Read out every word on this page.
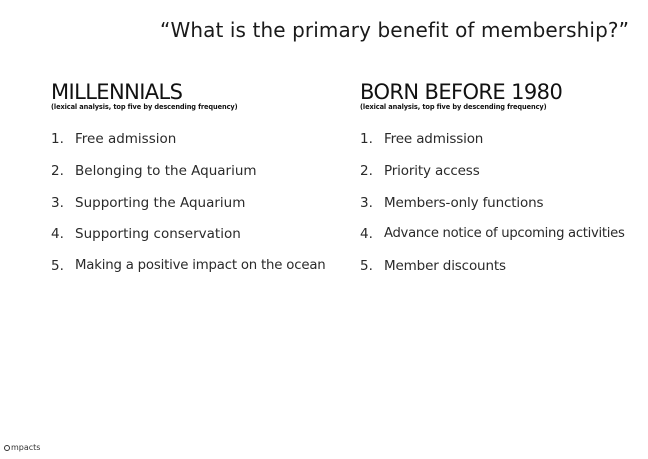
“What is the primary benefit of membership?”
MILLENNIALS
(lexical analysis, top five by descending frequency)
1. Free admission
2. Belonging to the Aquarium
3. Supporting the Aquarium
4. Supporting conservation
5. Making a positive impact on the ocean
BORN BEFORE 1980
(lexical analysis, top five by descending frequency)
1. Free admission
2. Priority access
3. Members-only functions
4. Advance notice of upcoming activities
5. Member discounts
mpacts
